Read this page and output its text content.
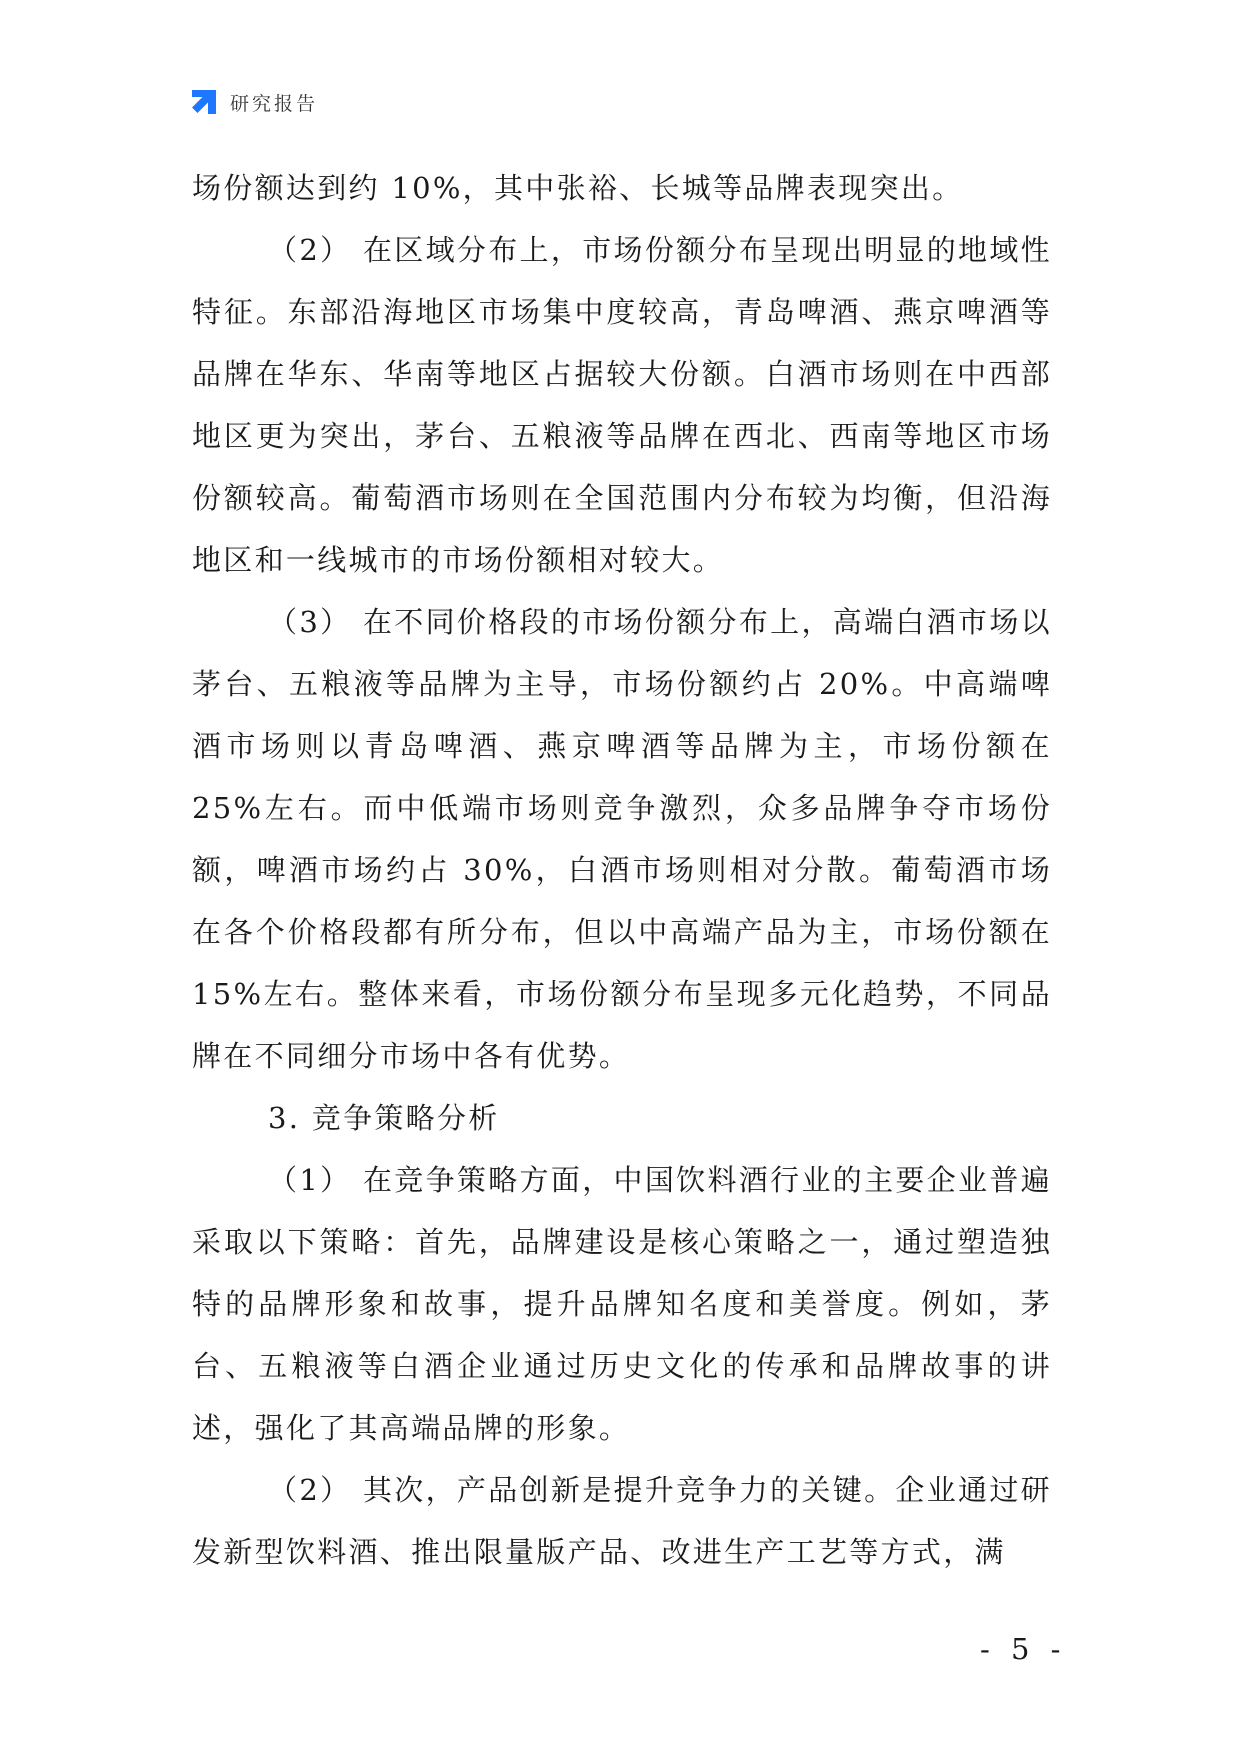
研究报告

场份额达到约 10%，其中张裕、长城等品牌表现突出。

（2） 在区域分布上，市场份额分布呈现出明显的地域性特征。东部沿海地区市场集中度较高，青岛啤酒、燕京啤酒等品牌在华东、华南等地区占据较大份额。白酒市场则在中西部地区更为突出，茅台、五粮液等品牌在西北、西南等地区市场份额较高。葡萄酒市场则在全国范围内分布较为均衡，但沿海地区和一线城市的市场份额相对较大。

（3） 在不同价格段的市场份额分布上，高端白酒市场以茅台、五粮液等品牌为主导，市场份额约占 20%。中高端啤酒市场则以青岛啤酒、燕京啤酒等品牌为主，市场份额在 25%左右。而中低端市场则竞争激烈，众多品牌争夺市场份额，啤酒市场约占 30%，白酒市场则相对分散。葡萄酒市场在各个价格段都有所分布，但以中高端产品为主，市场份额在 15%左右。整体来看，市场份额分布呈现多元化趋势，不同品牌在不同细分市场中各有优势。

3. 竞争策略分析

（1） 在竞争策略方面，中国饮料酒行业的主要企业普遍采取以下策略：首先，品牌建设是核心策略之一，通过塑造独特的品牌形象和故事，提升品牌知名度和美誉度。例如，茅台、五粮液等白酒企业通过历史文化的传承和品牌故事的讲述，强化了其高端品牌的形象。

（2） 其次，产品创新是提升竞争力的关键。企业通过研发新型饮料酒、推出限量版产品、改进生产工艺等方式，满

- 5 -
